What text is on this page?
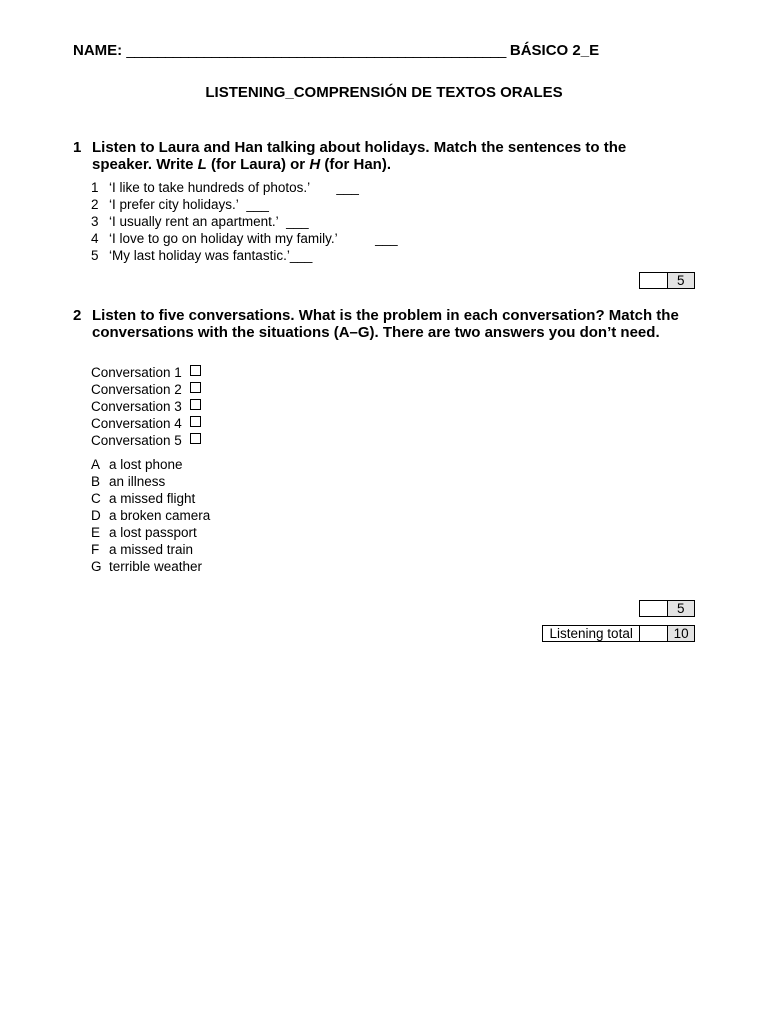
NAME: _________________________________________________ BÁSICO 2_E
LISTENING_COMPRENSIÓN DE TEXTOS ORALES
1 Listen to Laura and Han talking about holidays. Match the sentences to the speaker. Write L (for Laura) or H (for Han).
1 ‘I like to take hundreds of photos.’
___
2 ‘I prefer city holidays.’
___
3 ‘I usually rent an apartment.’
___
4 ‘I love to go on holiday with my family.’
	___
5 ‘My last holiday was fantastic.’ ___
5
2 Listen to five conversations. What is the problem in each conversation? Match the conversations with the situations (A–G). There are two answers you don’t need.
Conversation 1
Conversation 2
Conversation 3
Conversation 4
Conversation 5
A a lost phone
B an illness
C a missed flight
D a broken camera
E a lost passport
F a missed train
G terrible weather
5
Listening total	10
